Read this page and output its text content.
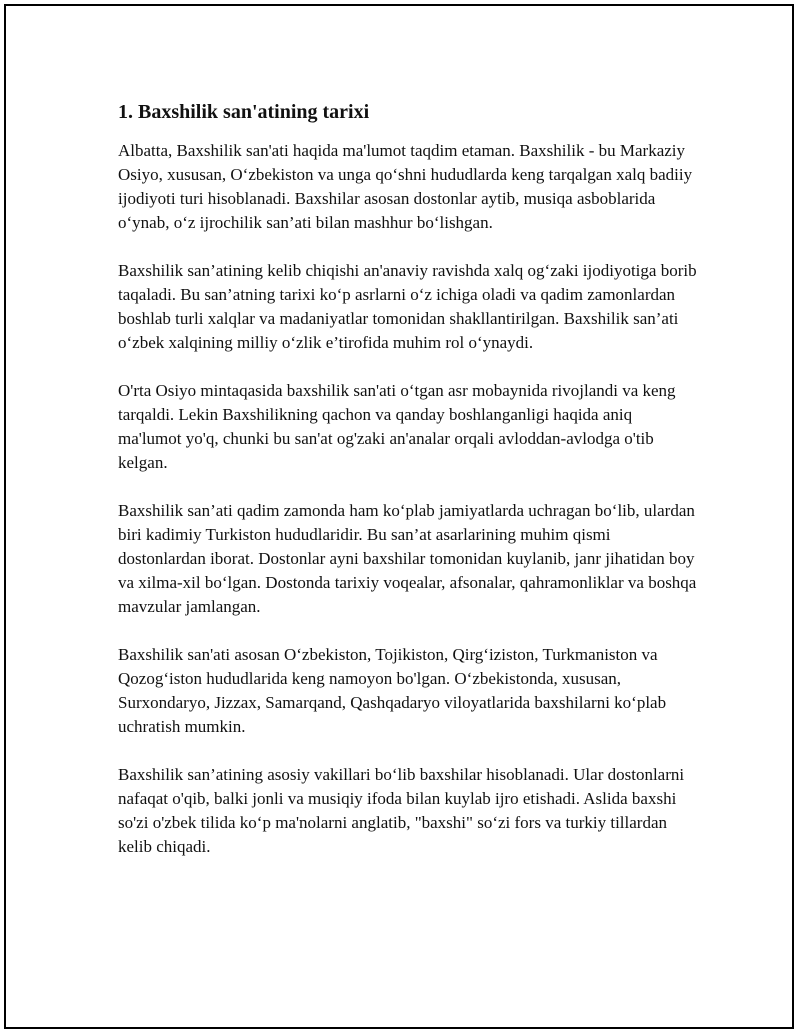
1. Baxshilik san'atining tarixi

Albatta, Baxshilik san'ati haqida ma'lumot taqdim etaman. Baxshilik - bu Markaziy Osiyo, xususan, O‘zbekiston va unga qo‘shni hududlarda keng tarqalgan xalq badiiy ijodiyoti turi hisoblanadi. Baxshilar asosan dostonlar aytib, musiqa asboblarida o‘ynab, o‘z ijrochilik san’ati bilan mashhur bo‘lishgan.

Baxshilik san’atining kelib chiqishi an'anaviy ravishda xalq og‘zaki ijodiyotiga borib taqaladi. Bu san’atning tarixi ko‘p asrlarni o‘z ichiga oladi va qadim zamonlardan boshlab turli xalqlar va madaniyatlar tomonidan shakllantirilgan. Baxshilik san’ati o‘zbek xalqining milliy o‘zlik e’tirofida muhim rol o‘ynaydi.

O'rta Osiyo mintaqasida baxshilik san'ati o‘tgan asr mobaynida rivojlandi va keng tarqaldi. Lekin Baxshilikning qachon va qanday boshlanganligi haqida aniq ma'lumot yo'q, chunki bu san'at og'zaki an'analar orqali avloddan-avlodga o'tib kelgan.

Baxshilik san’ati qadim zamonda ham ko‘plab jamiyatlarda uchragan bo‘lib, ulardan biri kadimiy Turkiston hududlaridir. Bu san’at asarlarining muhim qismi dostonlardan iborat. Dostonlar ayni baxshilar tomonidan kuylanib, janr jihatidan boy va xilma-xil bo‘lgan. Dostonda tarixiy voqealar, afsonalar, qahramonliklar va boshqa mavzular jamlangan.

Baxshilik san'ati asosan O‘zbekiston, Tojikiston, Qirg‘iziston, Turkmaniston va Qozog‘iston hududlarida keng namoyon bo'lgan. O‘zbekistonda, xususan, Surxondaryo, Jizzax, Samarqand, Qashqadaryo viloyatlarida baxshilarni ko‘plab uchratish mumkin.

Baxshilik san’atining asosiy vakillari bo‘lib baxshilar hisoblanadi. Ular dostonlarni nafaqat o'qib, balki jonli va musiqiy ifoda bilan kuylab ijro etishadi. Aslida baxshi so'zi o'zbek tilida ko‘p ma'nolarni anglatib, "baxshi" so‘zi fors va turkiy tillardan kelib chiqadi.
